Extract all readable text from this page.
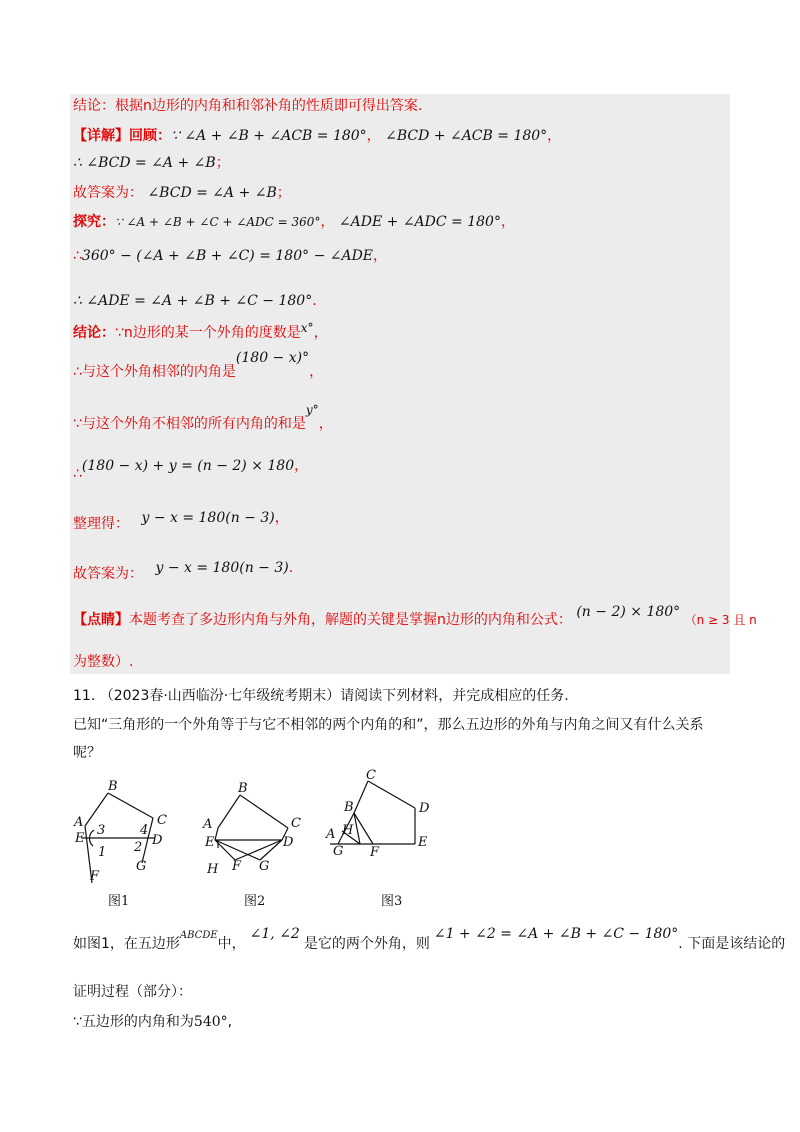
结论：根据n边形的内角和和邻补角的性质即可得出答案.
【详解】回顾：∵ ∠A + ∠B + ∠ACB = 180°， ∠BCD + ∠ACB = 180°，
∴ ∠BCD = ∠A + ∠B；
故答案为： ∠BCD = ∠A + ∠B；
探究：∵ ∠A + ∠B + ∠C + ∠ADC = 360°， ∠ADE + ∠ADC = 180°，
∴360° − (∠A + ∠B + ∠C) = 180° − ∠ADE，
∴ ∠ADE = ∠A + ∠B + ∠C − 180°.
结论：∵n边形的某一个外角的度数是x°，
∴与这个外角相邻的内角是(180 − x)°，
∵与这个外角不相邻的所有内角的和是y°，
∴(180 − x) + y = (n − 2) × 180，
整理得： y − x = 180(n − 3)，
故答案为： y − x = 180(n − 3).
【点睛】本题考查了多边形内角与外角，解题的关键是掌握n边形的内角和公式： (n − 2) × 180° （n ≥ 3 且 n
为整数）.
11. （2023春·山西临汾·七年级统考期末）请阅读下列材料，并完成相应的任务.
已知“三角形的一个外角等于与它不相邻的两个内角的和”，那么五边形的外角与内角之间又有什么关系
呢？
B
A	C
E	D
3	4
1 2
F
G
图1
B
A	C
E	D
H F G
图2
C
B	D
A H
E
G F
图3
如图1，在五边形$^{ABCDE}$中，∠1, ∠2是它的两个外角，则∠1 + ∠2 = ∠A + ∠B + ∠C − 180°. 下面是该结论的
证明过程（部分）：
∵五边形的内角和为540°,
